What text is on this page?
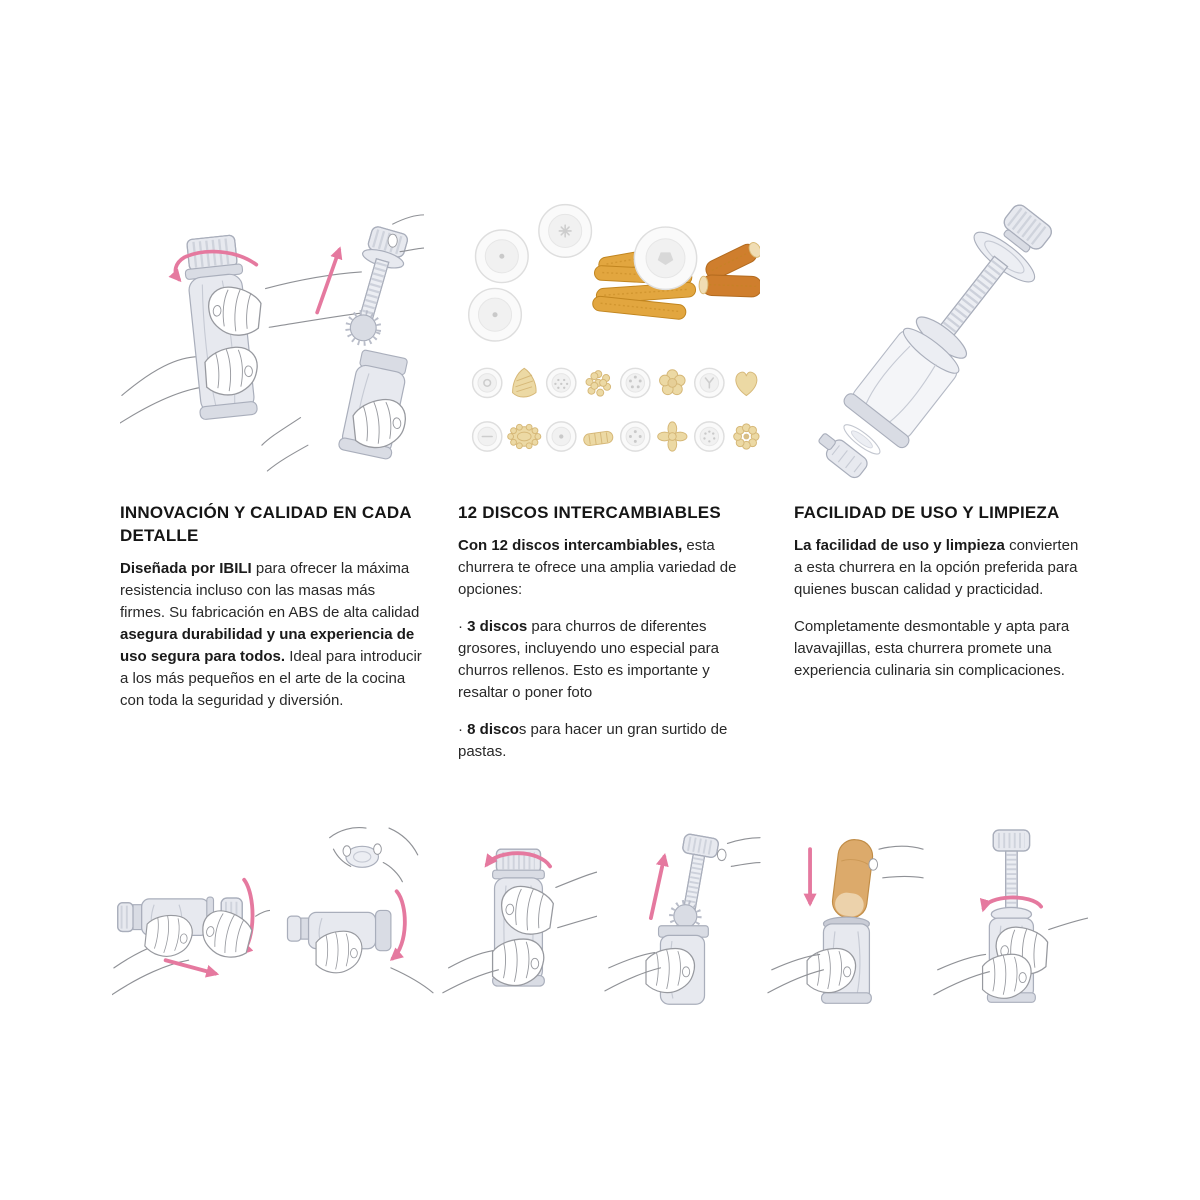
INNOVACIÓN Y CALIDAD EN CADA DETALLE

Diseñada por IBILI para ofrecer la máxima resistencia incluso con las masas más firmes. Su fabricación en ABS de alta calidad asegura durabilidad y una experiencia de uso segura para todos. Ideal para introducir a los más pequeños en el arte de la cocina con toda la seguridad y diversión.

12 DISCOS INTERCAMBIABLES

Con 12 discos intercambiables, esta churrera te ofrece una amplia variedad de opciones:

· 3 discos para churros de diferentes grosores, incluyendo uno especial para churros rellenos. Esto es importante y resaltar o poner foto

· 8 discos para hacer un gran surtido de pastas.

FACILIDAD DE USO Y LIMPIEZA

La facilidad de uso y limpieza convierten a esta churrera en la opción preferida para quienes buscan calidad y practicidad.

Completamente desmontable y apta para lavavajillas, esta churrera promete una experiencia culinaria sin complicaciones.
